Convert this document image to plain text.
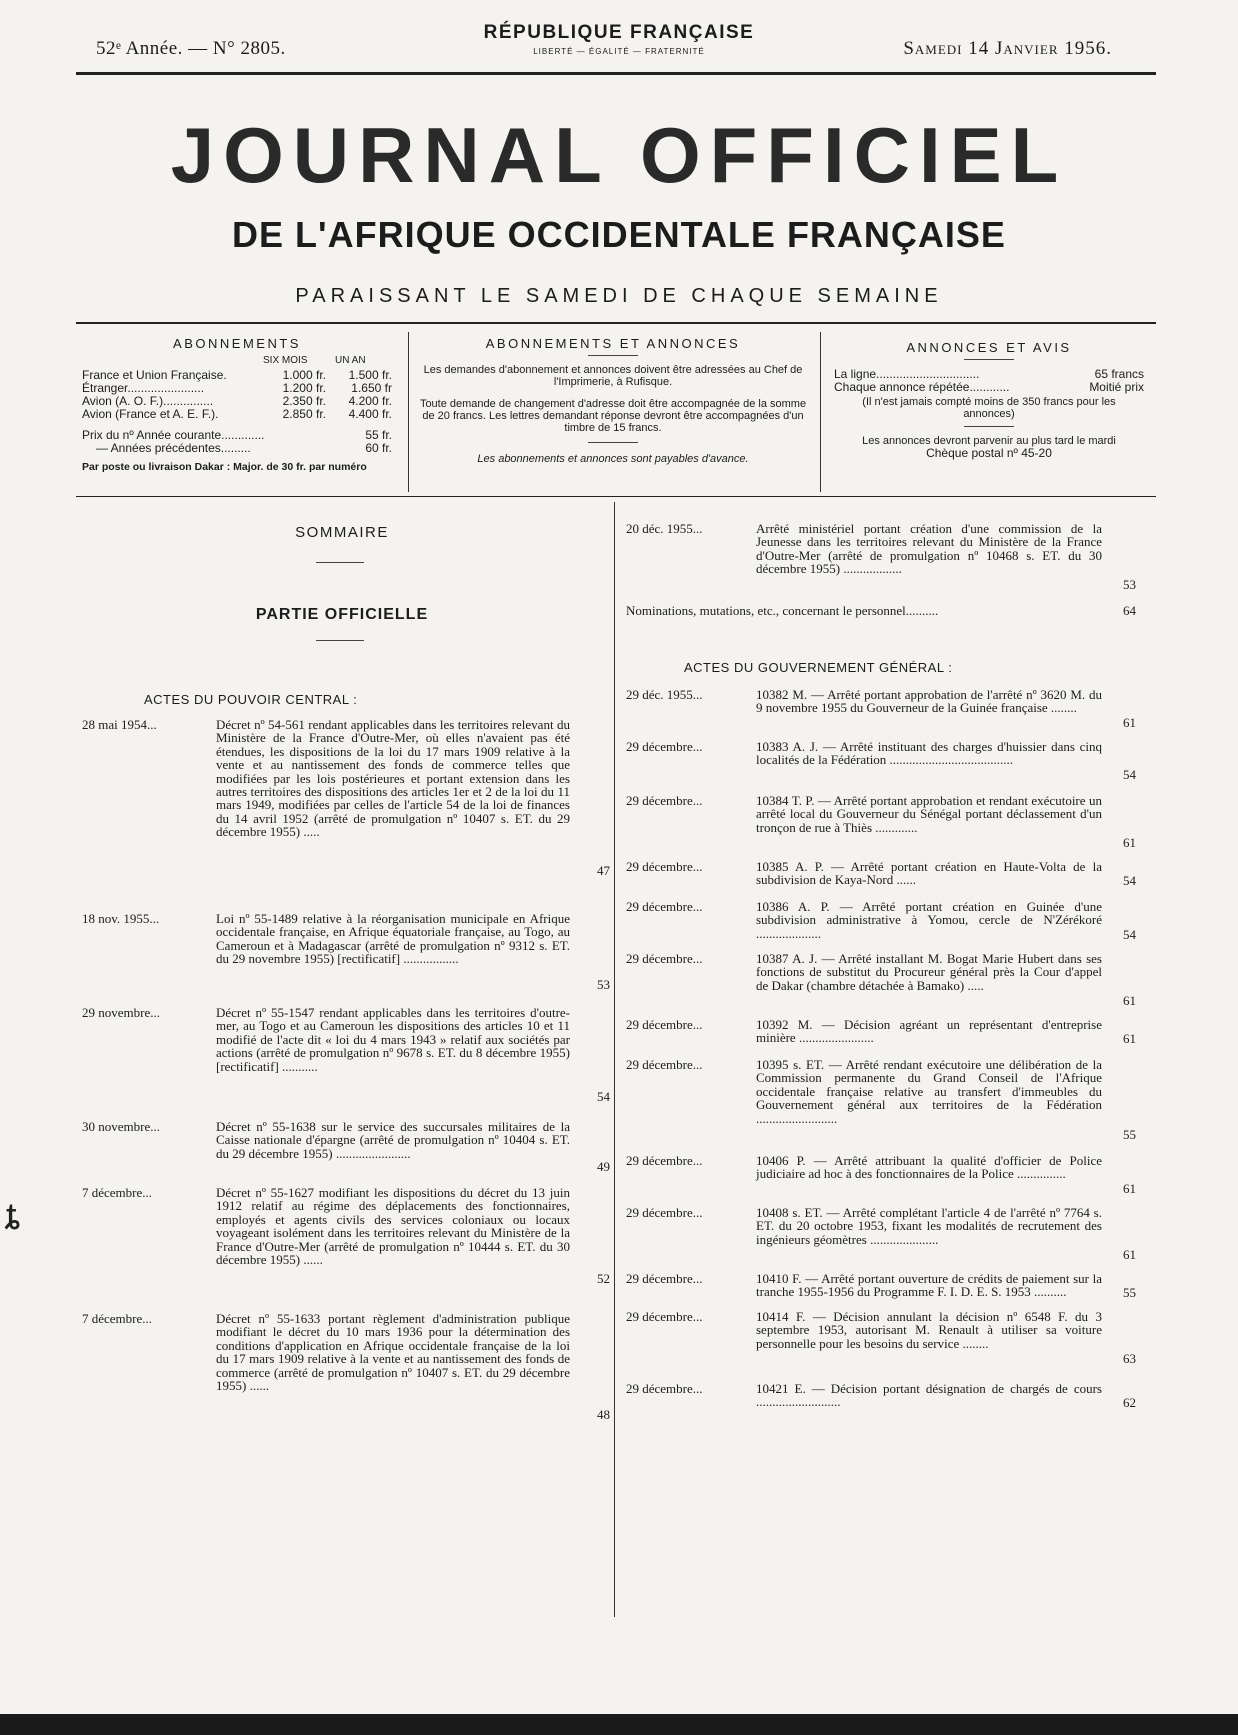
52ᵉ Année. — N° 2805.
RÉPUBLIQUE FRANÇAISE
LIBERTÉ — ÉGALITÉ — FRATERNITÉ	Samedi 14 Janvier 1956.
JOURNAL OFFICIEL
DE L'AFRIQUE OCCIDENTALE FRANÇAISE
PARAISSANT LE SAMEDI DE CHAQUE SEMAINE
ABONNEMENTS
SIX MOIS	UN AN
France et Union Française.	1.000 fr.	1.500 fr.
Étranger.......................	1.200 fr.	1.650 fr
Avion (A. O. F.)...............	2.350 fr.	4.200 fr.
Avion (France et A. E. F.).	2.850 fr.	4.400 fr.
Prix du nº Année courante.............	55 fr.
— Années précédentes.........	60 fr.
Par poste ou livraison Dakar : Major. de 30 fr. par numéro
ABONNEMENTS ET ANNONCES
Les demandes d'abonnement et annonces doivent être adressées au Chef de l'Imprimerie, à Rufisque.
Toute demande de changement d'adresse doit être accompagnée de la somme de 20 francs. Les lettres demandant réponse devront être accompagnées d'un timbre de 15 francs.
Les abonnements et annonces sont payables d'avance.
ANNONCES ET AVIS
La ligne...............................	65 francs
Chaque annonce répétée............	Moitié prix
(Il n'est jamais compté moins de 350 francs pour les annonces)
Les annonces devront parvenir au plus tard le mardi
Chèque postal nº 45-20
SOMMAIRE
PARTIE OFFICIELLE
ACTES DU POUVOIR CENTRAL :
28 mai 1954...	Décret nº 54-561 rendant applicables dans les territoires relevant du Ministère de la France d'Outre-Mer, où elles n'avaient pas été étendues, les dispositions de la loi du 17 mars 1909 relative à la vente et au nantissement des fonds de commerce telles que modifiées par les lois postérieures et portant extension dans les autres territoires des dispositions des articles 1er et 2 de la loi du 11 mars 1949, modifiées par celles de l'article 54 de la loi de finances du 14 avril 1952 (arrêté de promulgation nº 10407 s. ET. du 29 décembre 1955) .....
47
18 nov. 1955...	Loi nº 55-1489 relative à la réorganisation municipale en Afrique occidentale française, en Afrique équatoriale française, au Togo, au Cameroun et à Madagascar (arrêté de promulgation nº 9312 s. ET. du 29 novembre 1955) [rectificatif] .................
53
29 novembre...	Décret nº 55-1547 rendant applicables dans les territoires d'outre-mer, au Togo et au Cameroun les dispositions des articles 10 et 11 modifié de l'acte dit « loi du 4 mars 1943 » relatif aux sociétés par actions (arrêté de promulgation nº 9678 s. ET. du 8 décembre 1955) [rectificatif] ...........
54
30 novembre...	Décret nº 55-1638 sur le service des succursales militaires de la Caisse nationale d'épargne (arrêté de promulgation nº 10404 s. ET. du 29 décembre 1955) .......................
49
7 décembre...	Décret nº 55-1627 modifiant les dispositions du décret du 13 juin 1912 relatif au régime des déplacements des fonctionnaires, employés et agents civils des services coloniaux ou locaux voyageant isolément dans les territoires relevant du Ministère de la France d'Outre-Mer (arrêté de promulgation nº 10444 s. ET. du 30 décembre 1955) ......
52
7 décembre...	Décret nº 55-1633 portant règlement d'administration publique modifiant le décret du 10 mars 1936 pour la détermination des conditions d'application en Afrique occidentale française de la loi du 17 mars 1909 relative à la vente et au nantissement des fonds de commerce (arrêté de promulgation nº 10407 s. ET. du 29 décembre 1955) ......
48
20 déc. 1955...	Arrêté ministériel portant création d'une commission de la Jeunesse dans les territoires relevant du Ministère de la France d'Outre-Mer (arrêté de promulgation nº 10468 s. ET. du 30 décembre 1955) ..................
53
Nominations, mutations, etc., concernant le personnel..........	64
ACTES DU GOUVERNEMENT GÉNÉRAL :
29 déc. 1955...	10382 M. — Arrêté portant approbation de l'arrêté nº 3620 M. du 9 novembre 1955 du Gouverneur de la Guinée française ........
61
29 décembre...	10383 A. J. — Arrêté instituant des charges d'huissier dans cinq localités de la Fédération ......................................
54
29 décembre...	10384 T. P. — Arrêté portant approbation et rendant exécutoire un arrêté local du Gouverneur du Sénégal portant déclassement d'un tronçon de rue à Thiès .............
61
29 décembre...	10385 A. P. — Arrêté portant création en Haute-Volta de la subdivision de Kaya-Nord ......	54
29 décembre...	10386 A. P. — Arrêté portant création en Guinée d'une subdivision administrative à Yomou, cercle de N'Zérékoré ....................	54
29 décembre...	10387 A. J. — Arrêté installant M. Bogat Marie Hubert dans ses fonctions de substitut du Procureur général près la Cour d'appel de Dakar (chambre détachée à Bamako) .....
61
29 décembre...	10392 M. — Décision agréant un représentant d'entreprise minière .......................	61
29 décembre...	10395 s. ET. — Arrêté rendant exécutoire une délibération de la Commission permanente du Grand Conseil de l'Afrique occidentale française relative au transfert d'immeubles du Gouvernement général aux territoires de la Fédération .........................
55
29 décembre...	10406 P. — Arrêté attribuant la qualité d'officier de Police judiciaire ad hoc à des fonctionnaires de la Police ...............
61
29 décembre...	10408 s. ET. — Arrêté complétant l'article 4 de l'arrêté nº 7764 s. ET. du 20 octobre 1953, fixant les modalités de recrutement des ingénieurs géomètres .....................
61
29 décembre...	10410 F. — Arrêté portant ouverture de crédits de paiement sur la tranche 1955-1956 du Programme F. I. D. E. S. 1953 ..........	55
29 décembre...	10414 F. — Décision annulant la décision nº 6548 F. du 3 septembre 1953, autorisant M. Renault à utiliser sa voiture personnelle pour les besoins du service ........
63
29 décembre...	10421 E. — Décision portant désignation de chargés de cours ..........................	62
ȶ
